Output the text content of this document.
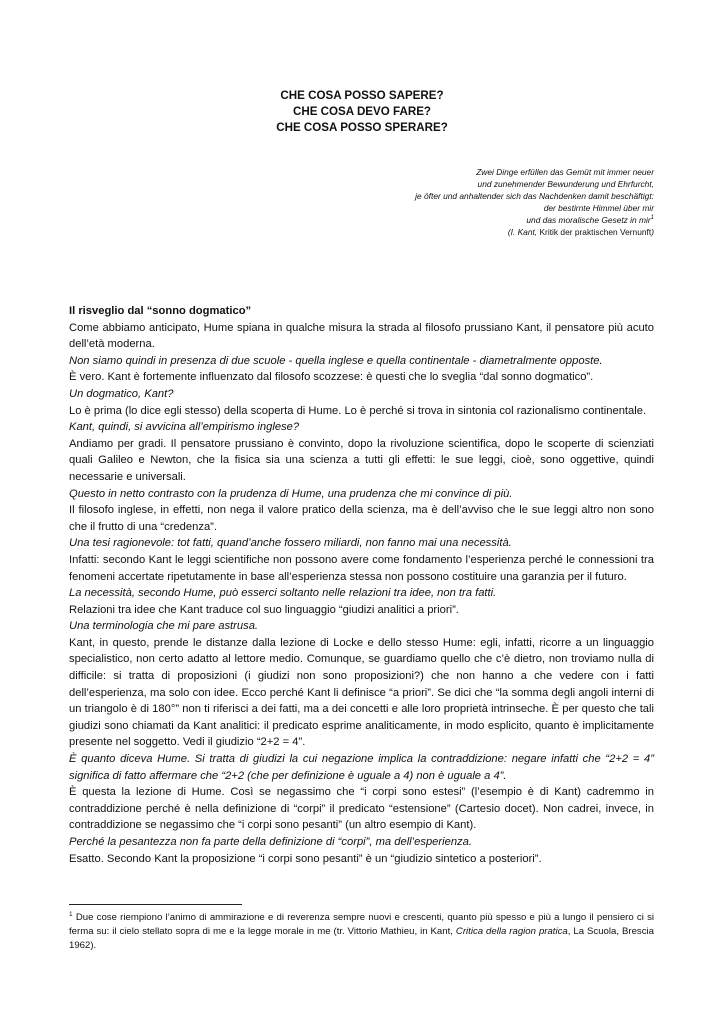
CHE COSA POSSO SAPERE?
CHE COSA DEVO FARE?
CHE COSA POSSO SPERARE?
Zwei Dinge erfüllen das Gemüt mit immer neuer
und zunehmender Bewunderung und Ehrfurcht,
je öfter und anhaltender sich das Nachdenken damit beschäftigt:
der bestirnte Himmel über mir
und das moralische Gesetz in mir$^1$
(I. Kant, Kritik der praktischen Vernunft)

Il risveglio dal “sonno dogmatico”

Come abbiamo anticipato, Hume spiana in qualche misura la strada al filosofo prussiano Kant, il pensatore più acuto dell’età moderna.

Non siamo quindi in presenza di due scuole - quella inglese e quella continentale - diametralmente opposte.

È vero. Kant è fortemente influenzato dal filosofo scozzese: è questi che lo sveglia “dal sonno dogmatico”.

Un dogmatico, Kant?

Lo è prima (lo dice egli stesso) della scoperta di Hume. Lo è perché si trova in sintonia col razionalismo continentale.

Kant, quindi, si avvicina all’empirismo inglese?

Andiamo per gradi. Il pensatore prussiano è convinto, dopo la rivoluzione scientifica, dopo le scoperte di scienziati quali Galileo e Newton, che la fisica sia una scienza a tutti gli effetti: le sue leggi, cioè, sono oggettive, quindi necessarie e universali.

Questo in netto contrasto con la prudenza di Hume, una prudenza che mi convince di più.

Il filosofo inglese, in effetti, non nega il valore pratico della scienza, ma è dell’avviso che le sue leggi altro non sono che il frutto di una “credenza”.

Una tesi ragionevole: tot fatti, quand’anche fossero miliardi, non fanno mai una necessità.

Infatti: secondo Kant le leggi scientifiche non possono avere come fondamento l’esperienza perché le connessioni tra fenomeni accertate ripetutamente in base all’esperienza stessa non possono costituire una garanzia per il futuro.

La necessità, secondo Hume, può esserci soltanto nelle relazioni tra idee, non tra fatti.

Relazioni tra idee che Kant traduce col suo linguaggio “giudizi analitici a priori”.

Una terminologia che mi pare astrusa.

Kant, in questo, prende le distanze dalla lezione di Locke e dello stesso Hume: egli, infatti, ricorre a un linguaggio specialistico, non certo adatto al lettore medio. Comunque, se guardiamo quello che c’è dietro, non troviamo nulla di difficile: si tratta di proposizioni (i giudizi non sono proposizioni?) che non hanno a che vedere con i fatti dell’esperienza, ma solo con idee. Ecco perché Kant li definisce “a priori”. Se dici che “la somma degli angoli interni di un triangolo è di 180°” non ti riferisci a dei fatti, ma a dei concetti e alle loro proprietà intrinseche. È per questo che tali giudizi sono chiamati da Kant analitici: il predicato esprime analiticamente, in modo esplicito, quanto è implicitamente presente nel soggetto. Vedi il giudizio “2+2 = 4”.

È quanto diceva Hume. Si tratta di giudizi la cui negazione implica la contraddizione: negare infatti che “2+2 = 4” significa di fatto affermare che “2+2 (che per definizione è uguale a 4) non è uguale a 4”.

È questa la lezione di Hume. Così se negassimo che “i corpi sono estesi” (l’esempio è di Kant) cadremmo in contraddizione perché è nella definizione di “corpi” il predicato “estensione” (Cartesio docet). Non cadrei, invece, in contraddizione se negassimo che “i corpi sono pesanti” (un altro esempio di Kant).

Perché la pesantezza non fa parte della definizione di “corpi”, ma dell’esperienza.

Esatto. Secondo Kant la proposizione “i corpi sono pesanti” è un “giudizio sintetico a posteriori”.

$^1$ Due cose riempiono l’animo di ammirazione e di reverenza sempre nuovi e crescenti, quanto più spesso e più a lungo il pensiero ci si ferma su: il cielo stellato sopra di me e la legge morale in me (tr. Vittorio Mathieu, in Kant, Critica della ragion pratica, La Scuola, Brescia 1962).
